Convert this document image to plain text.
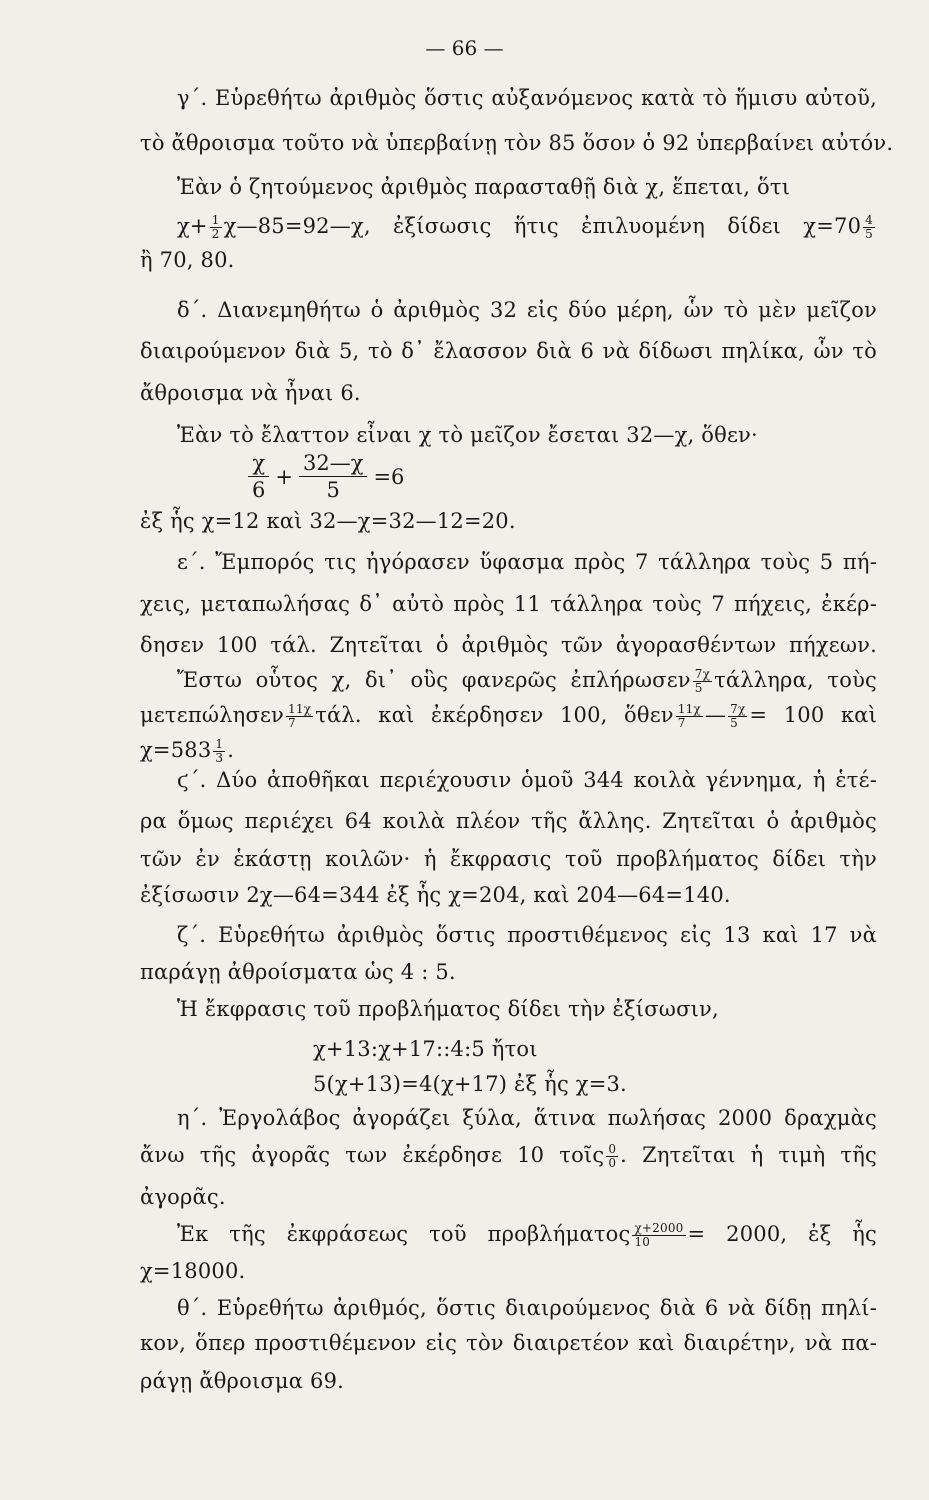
— 66 —
γ΄. Εὑρεθήτω ἀριθμὸς ὅστις αὐξανόμενος κατὰ τὸ ἥμισυ αὐτοῦ,
τὸ ἄθροισμα τοῦτο νὰ ὑπερβαίνῃ τὸν 85 ὅσον ὁ 92 ὑπερβαίνει αὐτόν.
Ἐὰν ὁ ζητούμενος ἀριθμὸς παρασταθῇ διὰ χ, ἕπεται, ὅτι
$\chi+ \frac{1}{2}$ χ—85=92—χ, ἐξίσωσις ἥτις ἐπιλυομένη δίδει $\chi=70 \frac{4}{5}$
ἢ 70, 80.
δ΄. Διανεμηθήτω ὁ ἀριθμὸς 32 εἰς δύο μέρη, ὧν τὸ μὲν μεῖζον
διαιρούμενον διὰ 5, τὸ δ᾽ ἔλασσον διὰ 6 νὰ δίδωσι πηλίκα, ὧν τὸ
ἄθροισμα νὰ ἦναι 6.
Ἐὰν τὸ ἔλαττον εἶναι χ τὸ μεῖζον ἔσεται 32—χ, ὅθεν·
$\frac{\chi}{6} + \frac{32—\chi}{5} =6$
ἐξ ἧς χ=12 καὶ 32—χ=32—12=20.
ε΄. Ἔμπορός τις ἠγόρασεν ὕφασμα πρὸς 7 τάλληρα τοὺς 5 πή-
χεις, μεταπωλήσας δ᾽ αὐτὸ πρὸς 11 τάλληρα τοὺς 7 πήχεις, ἐκέρ-
δησεν 100 τάλ. Ζητεῖται ὁ ἀριθμὸς τῶν ἀγορασθέντων πήχεων.
Ἔστω οὗτος χ, δι᾽ οὓς φανερῶς ἐπλήρωσεν $\frac{7\chi}{5} \tau ά\lambda\lambda\eta\rho\alpha$, τοὺς
μετεπώλησεν $\frac{11\chi}{7} \tau ά\lambda$. καὶ ἐκέρδησεν 100, ὅθεν $\frac{11\chi}{7}$ — $\frac{7\chi}{5} = 100$ καὶ
$\chi=583 \frac{1}{3}$ .
ϛ΄. Δύο ἀποθῆκαι περιέχουσιν ὁμοῦ 344 κοιλὰ γέννημα, ἡ ἑτέ-
ρα ὅμως περιέχει 64 κοιλὰ πλέον τῆς ἄλλης. Ζητεῖται ὁ ἀριθμὸς
τῶν ἐν ἑκάστῃ κοιλῶν· ἡ ἔκφρασις τοῦ προβλήματος δίδει τὴν
ἐξίσωσιν 2χ—64=344 ἐξ ἧς χ=204, καὶ 204—64=140.
ζ΄. Εὑρεθήτω ἀριθμὸς ὅστις προστιθέμενος εἰς 13 καὶ 17 νὰ
παράγῃ ἀθροίσματα ὡς 4 : 5.
Ἡ ἔκφρασις τοῦ προβλήματος δίδει τὴν ἐξίσωσιν,
χ+13:χ+17::4:5 ἤτοι
5(χ+13)=4(χ+17) ἐξ ἧς χ=3.
η΄. Ἐργολάβος ἀγοράζει ξύλα, ἅτινα πωλήσας 2000 δραχμὰς
ἄνω τῆς ἀγορᾶς των ἐκέρδησε 10 τοῖς $\frac{0}{0}$ . Ζητεῖται ἡ τιμὴ τῆς
ἀγορᾶς.
Ἐκ τῆς ἐκφράσεως τοῦ προβλήματος $\frac{\chi+2000}{10} = 2000$, ἐξ ἧς
χ=18000.
θ΄. Εὑρεθήτω ἀριθμός, ὅστις διαιρούμενος διὰ 6 νὰ δίδῃ πηλί-
κον, ὅπερ προστιθέμενον εἰς τὸν διαιρετέον καὶ διαιρέτην, νὰ πα-
ράγῃ ἄθροισμα 69.
